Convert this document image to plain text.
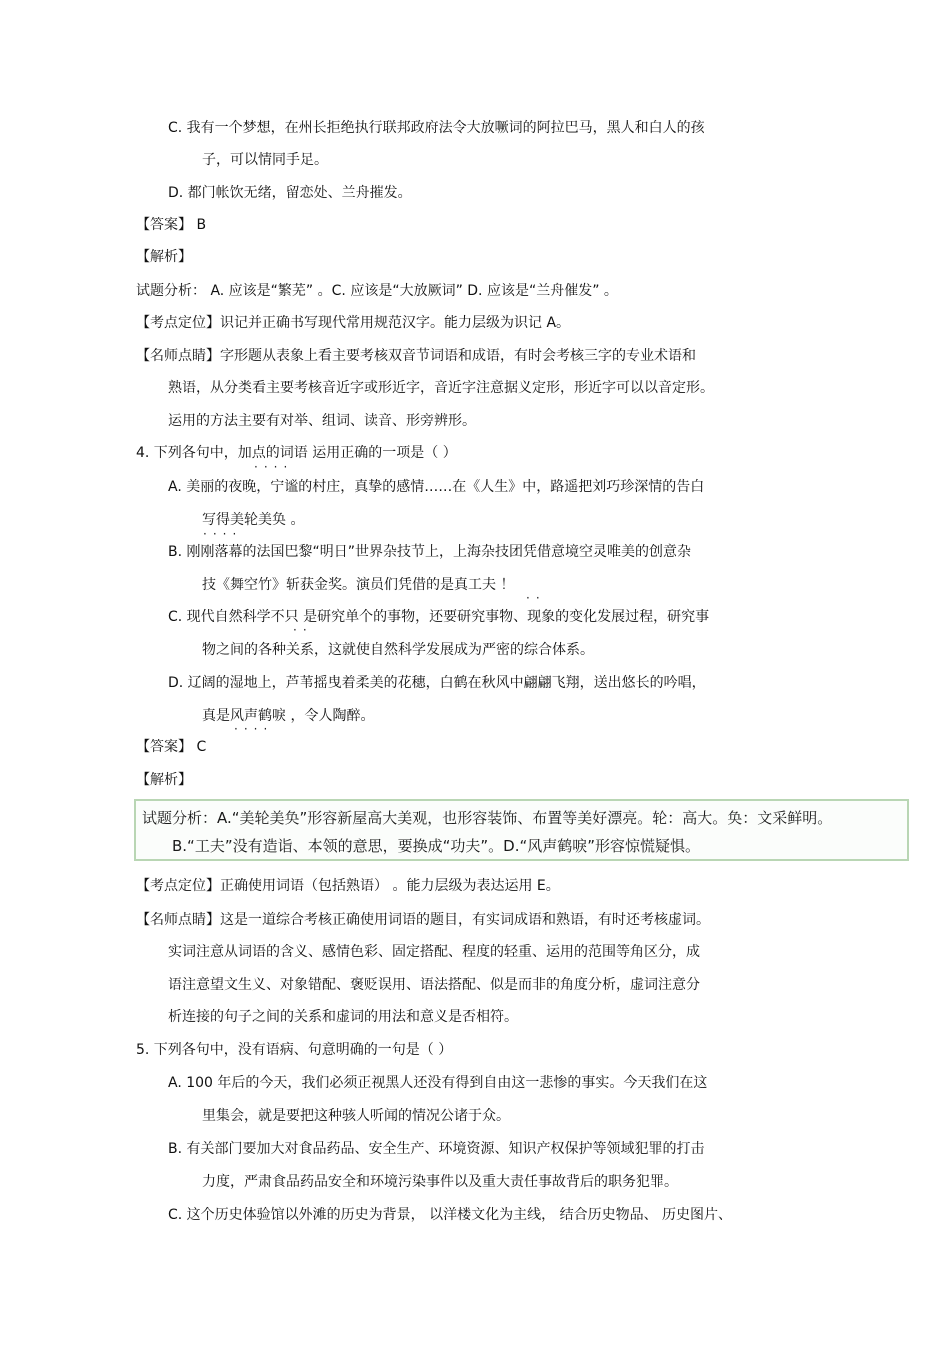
C. 我有一个梦想，在州长拒绝执行联邦政府法令大放噘词的阿拉巴马，黑人和白人的孩
子，可以情同手足。
D. 都门帐饮无绪，留恋处、兰舟摧发。
【答案】 B
【解析】
试题分析： A. 应该是“繁芜” 。C. 应该是“大放厥词” D. 应该是“兰舟催发” 。
【考点定位】识记并正确书写现代常用规范汉字。能力层级为识记 A。
【名师点睛】字形题从表象上看主要考核双音节词语和成语，有时会考核三字的专业术语和
熟语，从分类看主要考核音近字或形近字，音近字注意据义定形，形近字可以以音定形。
运用的方法主要有对举、组词、读音、形旁辨形。
4. 下列各句中，加点的词语 运用正确的一项是（ ）
····
A. 美丽的夜晚，宁谧的村庄，真挚的感情……在《人生》中，路遥把刘巧珍深情的告白
写得美轮美奂 。
····
B. 刚刚落幕的法国巴黎“明日”世界杂技节上，上海杂技团凭借意境空灵唯美的创意杂
技《舞空竹》斩获金奖。演员们凭借的是真工夫 ！
··
C. 现代自然科学不只 是研究单个的事物，还要研究事物、现象的变化发展过程，研究事
··
物之间的各种关系，这就使自然科学发展成为严密的综合体系。
D. 辽阔的湿地上，芦苇摇曳着柔美的花穗，白鹤在秋风中翩翩飞翔，送出悠长的吟唱，
真是风声鹤唳 ，令人陶醉。
····
【答案】 C
【解析】
试题分析：A.“美轮美奂”形容新屋高大美观，也形容装饰、布置等美好漂亮。轮：高大。奂：文采鲜明。
B.“工夫”没有造诣、本领的意思，要换成“功夫”。D.“风声鹤唳”形容惊慌疑惧。
【考点定位】正确使用词语（包括熟语） 。能力层级为表达运用 E。
【名师点睛】这是一道综合考核正确使用词语的题目，有实词成语和熟语，有时还考核虚词。
实词注意从词语的含义、感情色彩、固定搭配、程度的轻重、运用的范围等角区分，成
语注意望文生义、对象错配、褒贬误用、语法搭配、似是而非的角度分析，虚词注意分
析连接的句子之间的关系和虚词的用法和意义是否相符。
5. 下列各句中，没有语病、句意明确的一句是（ ）
A. 100 年后的今天，我们必须正视黑人还没有得到自由这一悲惨的事实。今天我们在这
里集会，就是要把这种骇人听闻的情况公诸于众。
B. 有关部门要加大对食品药品、安全生产、环境资源、知识产权保护等领域犯罪的打击
力度，严肃食品药品安全和环境污染事件以及重大责任事故背后的职务犯罪。
C. 这个历史体验馆以外滩的历史为背景， 以洋楼文化为主线， 结合历史物品、 历史图片、
